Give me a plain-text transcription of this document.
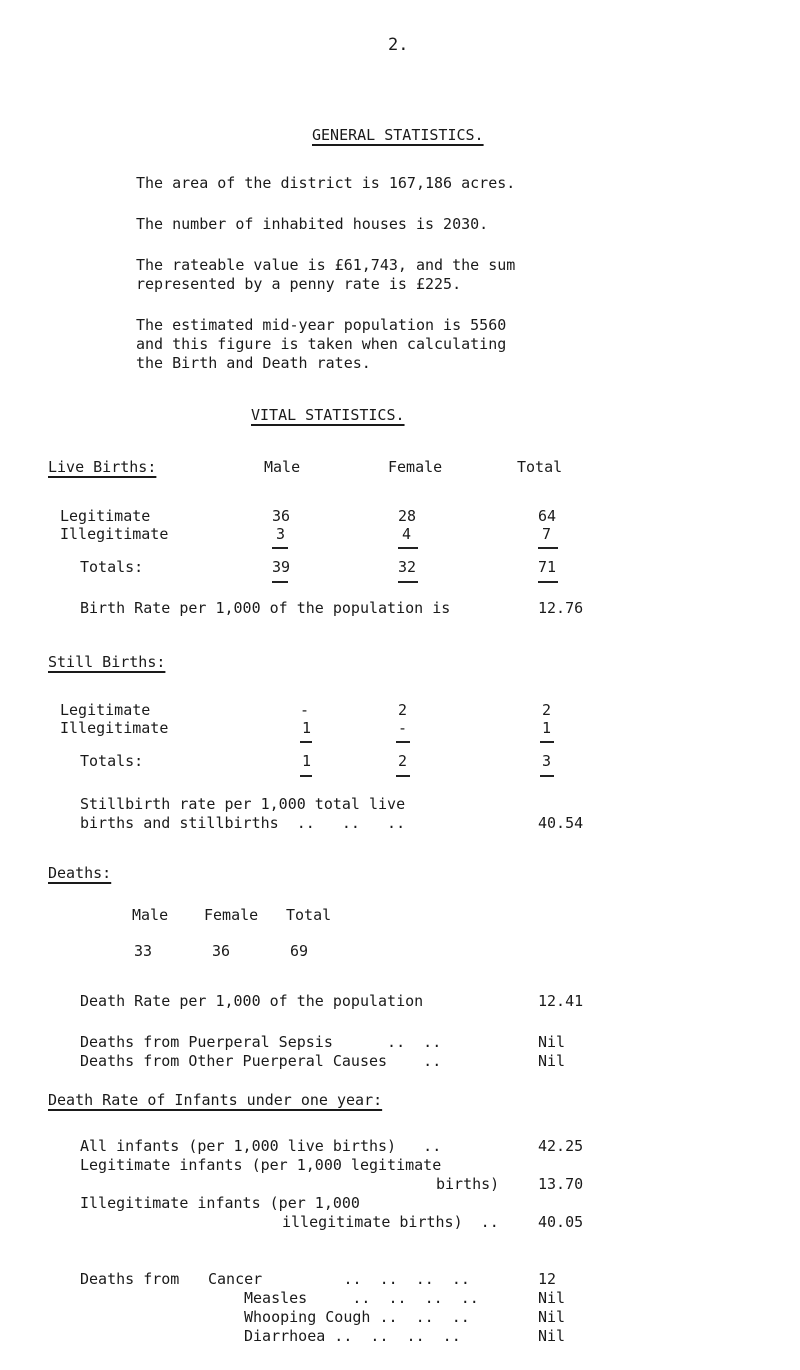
2.
GENERAL STATISTICS.
The area of the district is 167,186 acres.
The number of inhabited houses is 2030.
The rateable value is £61,743, and the sum
represented by a penny rate is £225.
The estimated mid-year population is 5560
and this figure is taken when calculating
the Birth and Death rates.
VITAL STATISTICS.
Live Births:	Male	Female	Total
Legitimate	36	28	64
Illegitimate	3	4	7
Totals:	39	32	71
Birth Rate per 1,000 of the population is	12.76
Still Births:
Legitimate	-	2	2
Illegitimate	1	-	1
Totals:	1	2	3
Stillbirth rate per 1,000 total live
births and stillbirths  ..   ..   ..	40.54
Deaths:
Male Female Total
33	36	69
Death Rate per 1,000 of the population	12.41
Deaths from Puerperal Sepsis      ..  ..	Nil
Deaths from Other Puerperal Causes    ..	Nil
Death Rate of Infants under one year:
All infants (per 1,000 live births)   ..	42.25
Legitimate infants (per 1,000 legitimate
births)	13.70
Illegitimate infants (per 1,000
illegitimate births)  ..	40.05
Deaths from Cancer         ..  ..  ..  ..	12
Measles     ..  ..  ..  ..	Nil
Whooping Cough ..  ..  ..	Nil
Diarrhoea ..  ..  ..  ..	Nil
